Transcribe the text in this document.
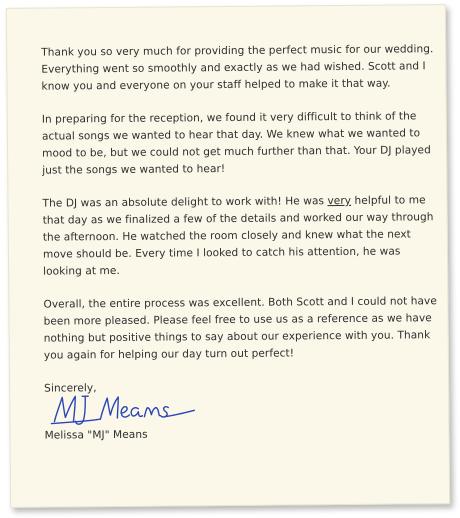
Thank you so very much for providing the perfect music for our wedding. Everything went so smoothly and exactly as we had wished. Scott and I know you and everyone on your staff helped to make it that way.

In preparing for the reception, we found it very difficult to think of the actual songs we wanted to hear that day. We knew what we wanted to mood to be, but we could not get much further than that. Your DJ played just the songs we wanted to hear!

The DJ was an absolute delight to work with! He was very helpful to me that day as we finalized a few of the details and worked our way through the afternoon. He watched the room closely and knew what the next move should be. Every time I looked to catch his attention, he was looking at me.

Overall, the entire process was excellent. Both Scott and I could not have been more pleased. Please feel free to use us as a reference as we have nothing but positive things to say about our experience with you. Thank you again for helping our day turn out perfect!

Sincerely,

Melissa "MJ" Means
